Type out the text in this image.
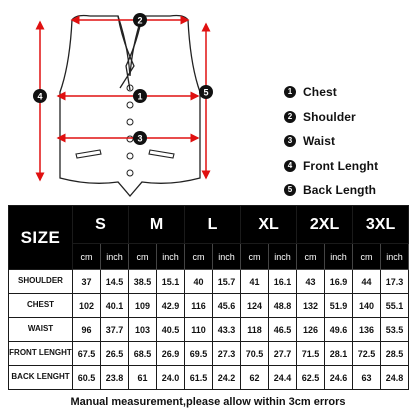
2
1
3
4	5	1 Chest
2 Shoulder
3 Waist
4 Front Lenght
5 Back Length
SIZE	S		M		L		XL		2XL		3XL	
	cm	inch	cm	inch	cm	inch	cm	inch	cm	inch	cm	inch
SHOULDER	37	14.5	38.5	15.1	40	15.7	41	16.1	43	16.9	44	17.3
CHEST	102	40.1	109	42.9	116	45.6	124	48.8	132	51.9	140	55.1
WAIST	96	37.7	103	40.5	110	43.3	118	46.5	126	49.6	136	53.5
FRONT LENGHT	67.5	26.5	68.5	26.9	69.5	27.3	70.5	27.7	71.5	28.1	72.5	28.5
BACK LENGHT	60.5	23.8	61	24.0	61.5	24.2	62	24.4	62.5	24.6	63	24.8
Manual measurement,please allow within 3cm errors
